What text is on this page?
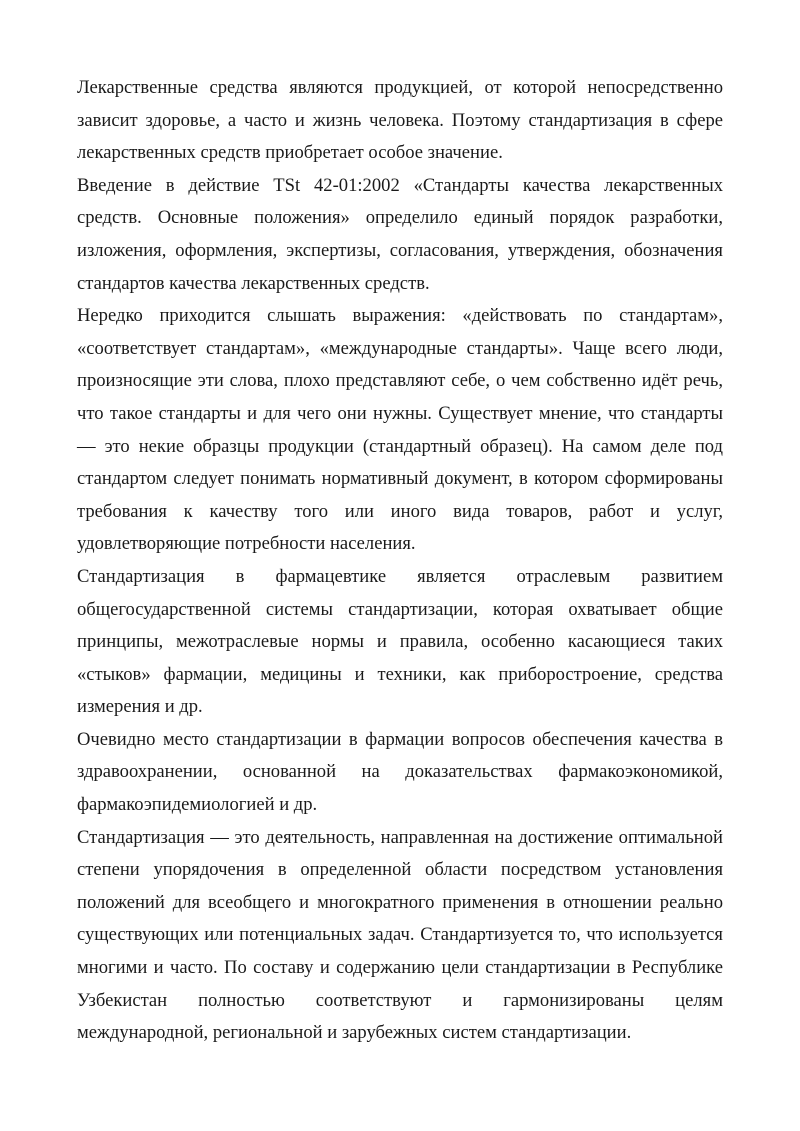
Лекарственные средства являются продукцией, от которой непосредственно зависит здоровье, а часто и жизнь человека. Поэтому стандартизация в сфере лекарственных средств приобретает особое значение.

Введение в действие TSt 42-01:2002 «Стандарты качества лекарственных средств. Основные положения» определило единый порядок разработки, изложения, оформления, экспертизы, согласования, утверждения, обозначения стандартов качества лекарственных средств.

Нередко приходится слышать выражения: «действовать по стандартам», «соответствует стандартам», «международные стандарты». Чаще всего люди, произносящие эти слова, плохо представляют себе, о чем собственно идёт речь, что такое стандарты и для чего они нужны. Существует мнение, что стандарты — это некие образцы продукции (стандартный образец). На самом деле под стандартом следует понимать нормативный документ, в котором сформированы требования к качеству того или иного вида товаров, работ и услуг, удовлетворяющие потребности населения.

Стандартизация в фармацевтике является отраслевым развитием общегосударственной системы стандартизации, которая охватывает общие принципы, межотраслевые нормы и правила, особенно касающиеся таких «стыков» фармации, медицины и техники, как приборостроение, средства измерения и др.

Очевидно место стандартизации в фармации вопросов обеспечения качества в здравоохранении, основанной на доказательствах фармакоэкономикой, фармакоэпидемиологией и др.

Стандартизация — это деятельность, направленная на достижение оптимальной степени упорядочения в определенной области посредством установления положений для всеобщего и многократного применения в отношении реально существующих или потенциальных задач. Стандартизуется то, что используется многими и часто. По составу и содержанию цели стандартизации в Республике Узбекистан полностью соответствуют и гармонизированы целям международной, региональной и зарубежных систем стандартизации.
